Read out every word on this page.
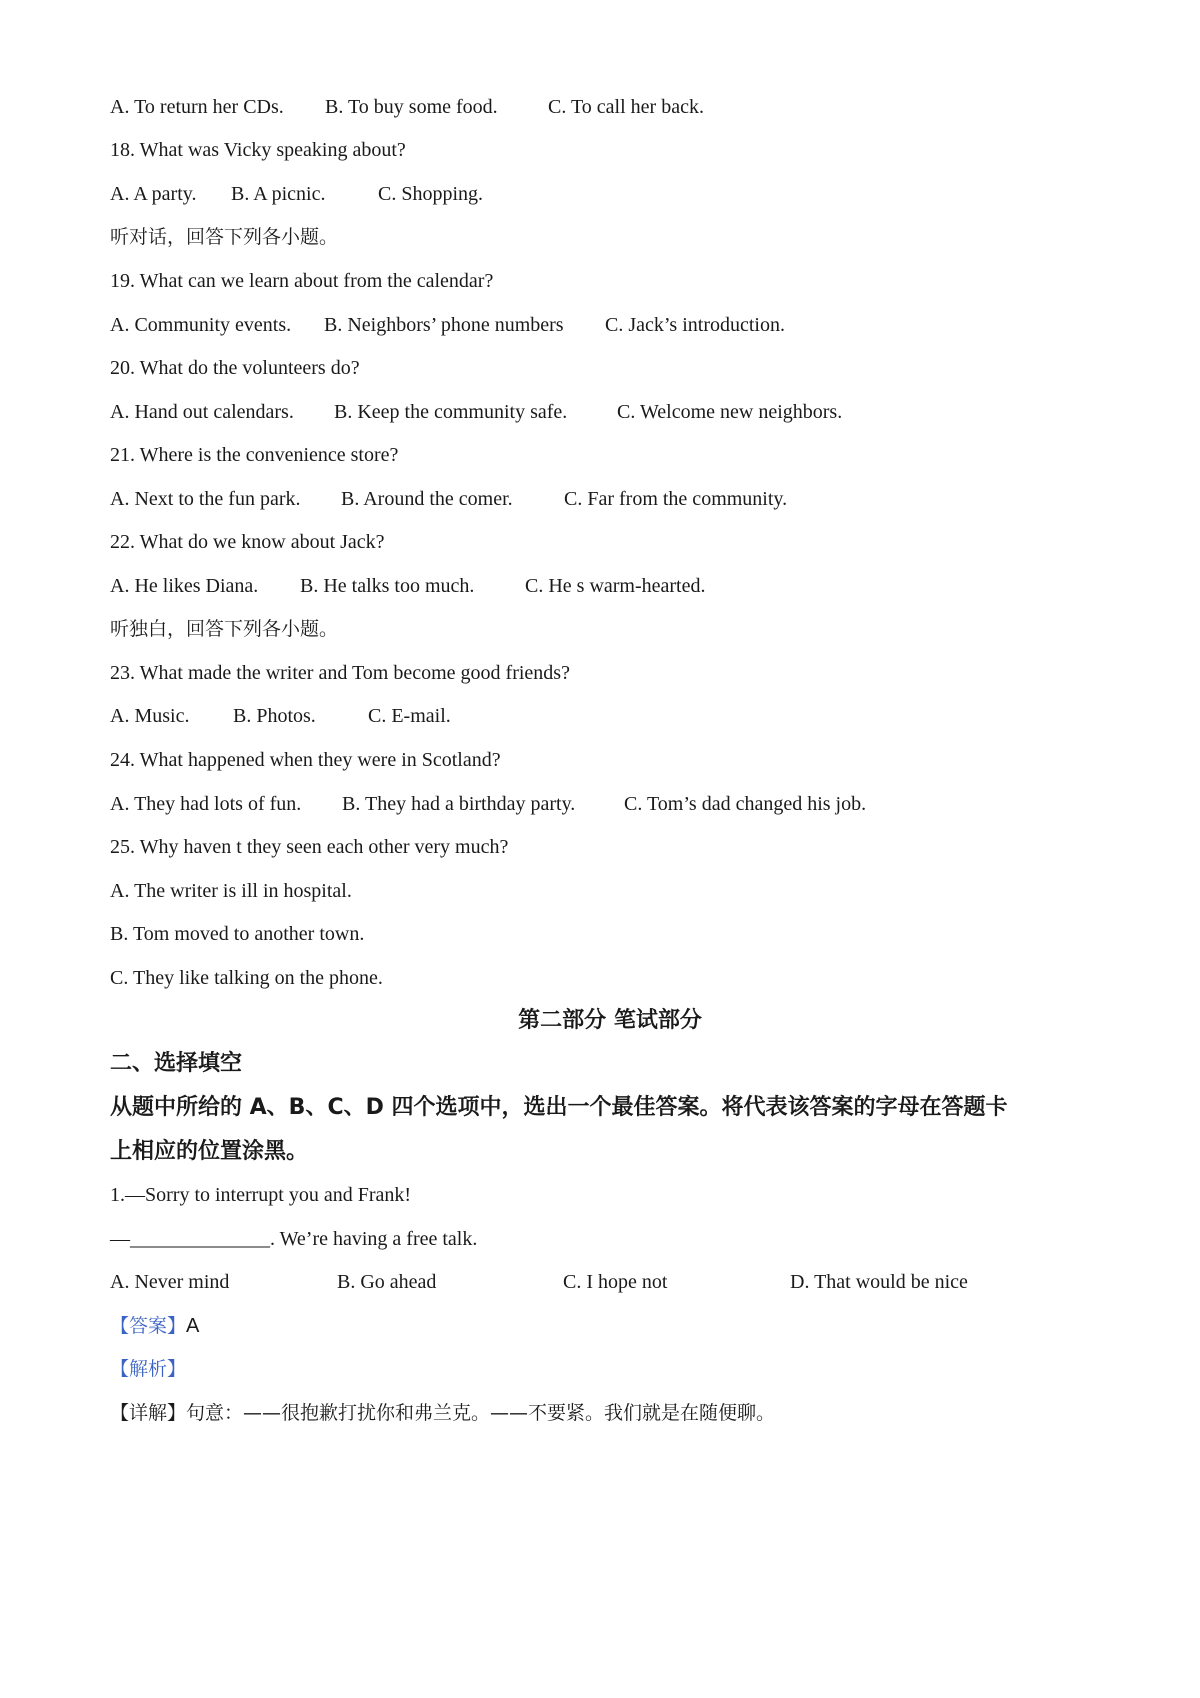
A. To return her CDs. B. To buy some food.	C. To call her back.
18. What was Vicky speaking about?
A. A party. B. A picnic.	C. Shopping.
听对话，回答下列各小题。
19. What can we learn about from the calendar?
A. Community events. B. Neighbors’ phone numbers C. Jack’s introduction.
20. What do the volunteers do?
A. Hand out calendars. B. Keep the community safe. C. Welcome new neighbors.
21. Where is the convenience store?
A. Next to the fun park. B. Around the comer.	C. Far from the community.
22. What do we know about Jack?
A. He likes Diana. B. He talks too much.	C. He s warm-hearted.
听独白，回答下列各小题。
23. What made the writer and Tom become good friends?
A. Music. B. Photos.	C. E-mail.
24. What happened when they were in Scotland?
A. They had lots of fun. B. They had a birthday party. C. Tom’s dad changed his job.
25. Why haven t they seen each other very much?
A. The writer is ill in hospital.
B. Tom moved to another town.
C. They like talking on the phone.
第二部分 笔试部分
二、选择填空
从题中所给的 A、B、C、D 四个选项中，选出一个最佳答案。将代表该答案的字母在答题卡
上相应的位置涂黑。
1.—Sorry to interrupt you and Frank!
—______________. We’re having a free talk.
A. Never mind	B. Go ahead	C. I hope not	D. That would be nice
【答案】A
【解析】
【详解】句意：——很抱歉打扰你和弗兰克。——不要紧。我们就是在随便聊。
